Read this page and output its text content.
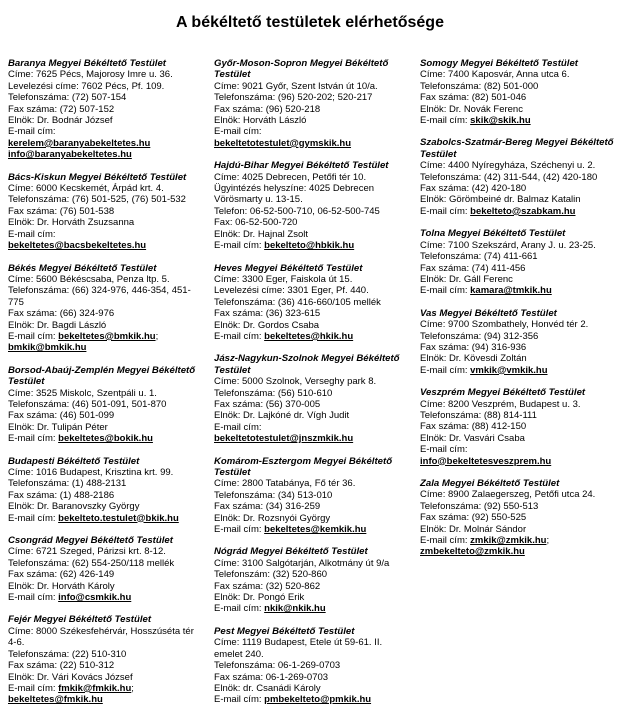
A békéltető testületek elérhetősége
Baranya Megyei Békéltető Testület
Címe: 7625 Pécs, Majorosy Imre u. 36.
Levelezési címe: 7602 Pécs, Pf. 109.
Telefonszáma: (72) 507-154
Fax száma: (72) 507-152
Elnök: Dr. Bodnár József
E-mail cím:
kerelem@baranyabekeltetes.hu info@baranyabekeltetes.hu
Bács-Kiskun Megyei Békéltető Testület
Címe: 6000 Kecskemét, Árpád krt. 4.
Telefonszáma: (76) 501-525, (76) 501-532
Fax száma: (76) 501-538
Elnök: Dr. Horváth Zsuzsanna
E-mail cím:
bekeltetes@bacsbekeltetes.hu
Békés Megyei Békéltető Testület
Címe: 5600 Békéscsaba, Penza ltp. 5.
Telefonszáma: (66) 324-976, 446-354, 451-775
Fax száma: (66) 324-976
Elnök: Dr. Bagdi László
E-mail cím: bekeltetes@bmkik.hu; bmkik@bmkik.hu
Borsod-Abaúj-Zemplén Megyei Békéltető Testület
Címe: 3525 Miskolc, Szentpáli u. 1.
Telefonszáma: (46) 501-091, 501-870
Fax száma: (46) 501-099
Elnök: Dr. Tulipán Péter
E-mail cím: bekeltetes@bokik.hu
Budapesti Békéltető Testület
Címe: 1016 Budapest, Krisztina krt. 99.
Telefonszáma: (1) 488-2131
Fax száma: (1) 488-2186
Elnök: Dr. Baranovszky György
E-mail cím: bekelteto.testulet@bkik.hu
Csongrád Megyei Békéltető Testület
Címe: 6721 Szeged, Párizsi krt. 8-12.
Telefonszáma: (62) 554-250/118 mellék
Fax száma: (62) 426-149
Elnök: Dr. Horváth Károly
E-mail cím: info@csmkik.hu
Fejér Megyei Békéltető Testület
Címe: 8000 Székesfehérvár, Hosszúséta tér 4-6.
Telefonszáma: (22) 510-310
Fax száma: (22) 510-312
Elnök: Dr. Vári Kovács József
E-mail cím: fmkik@fmkik.hu; bekeltetes@fmkik.hu
Győr-Moson-Sopron Megyei Békéltető Testület
Címe: 9021 Győr, Szent István út 10/a.
Telefonszáma: (96) 520-202; 520-217
Fax száma: (96) 520-218
Elnök: Horváth László
E-mail cím:
bekeltetotestulet@gymskik.hu
Hajdú-Bihar Megyei Békéltető Testület
Címe: 4025 Debrecen, Petőfi tér 10.
Ügyintézés helyszíne: 4025 Debrecen Vörösmarty u. 13-15.
Telefon: 06-52-500-710, 06-52-500-745
Fax: 06-52-500-720
Elnök: Dr. Hajnal Zsolt
E-mail cím: bekelteto@hbkik.hu
Heves Megyei Békéltető Testület
Címe: 3300 Eger, Faiskola út 15.
Levelezési címe: 3301 Eger, Pf. 440.
Telefonszáma: (36) 416-660/105 mellék
Fax száma: (36) 323-615
Elnök: Dr. Gordos Csaba
E-mail cím: bekeltetes@hkik.hu
Jász-Nagykun-Szolnok Megyei Békéltető Testület
Címe: 5000 Szolnok, Verseghy park 8.
Telefonszáma: (56) 510-610
Fax száma: (56) 370-005
Elnök: Dr. Lajkóné dr. Vígh Judit
E-mail cím:
bekeltetotestulet@jnszmkik.hu
Komárom-Esztergom Megyei Békéltető Testület
Címe: 2800 Tatabánya, Fő tér 36.
Telefonszáma: (34) 513-010
Fax száma: (34) 316-259
Elnök: Dr. Rozsnyói György
E-mail cím: bekeltetes@kemkik.hu
Nógrád Megyei Békéltető Testület
Címe: 3100 Salgótarján, Alkotmány út 9/a
Telefonszám: (32) 520-860
Fax száma: (32) 520-862
Elnök: Dr. Pongó Erik
E-mail cím: nkik@nkik.hu
Pest Megyei Békéltető Testület
Címe: 1119 Budapest, Etele út 59-61. II. emelet 240.
Telefonszáma: 06-1-269-0703
Fax száma: 06-1-269-0703
Elnök: dr. Csanádi Károly
E-mail cím: pmbekelteto@pmkik.hu
Somogy Megyei Békéltető Testület
Címe: 7400 Kaposvár, Anna utca 6.
Telefonszáma: (82) 501-000
Fax száma: (82) 501-046
Elnök: Dr. Novák Ferenc
E-mail cím: skik@skik.hu
Szabolcs-Szatmár-Bereg Megyei Békéltető Testület
Címe: 4400 Nyíregyháza, Széchenyi u. 2.
Telefonszáma: (42) 311-544, (42) 420-180
Fax száma: (42) 420-180
Elnök: Görömbeiné dr. Balmaz Katalin
E-mail cím: bekelteto@szabkam.hu
Tolna Megyei Békéltető Testület
Címe: 7100 Szekszárd, Arany J. u. 23-25.
Telefonszáma: (74) 411-661
Fax száma: (74) 411-456
Elnök: Dr. Gáll Ferenc
E-mail cím: kamara@tmkik.hu
Vas Megyei Békéltető Testület
Címe: 9700 Szombathely, Honvéd tér 2.
Telefonszáma: (94) 312-356
Fax száma: (94) 316-936
Elnök: Dr. Kövesdi Zoltán
E-mail cím: vmkik@vmkik.hu
Veszprém Megyei Békéltető Testület
Címe: 8200 Veszprém, Budapest u. 3.
Telefonszáma: (88) 814-111
Fax száma: (88) 412-150
Elnök: Dr. Vasvári Csaba
E-mail cím:
info@bekeltetesveszprem.hu
Zala Megyei Békéltető Testület
Címe: 8900 Zalaegerszeg, Petőfi utca 24.
Telefonszáma: (92) 550-513
Fax száma: (92) 550-525
Elnök: Dr. Molnár Sándor
E-mail cím: zmkik@zmkik.hu; zmbekelteto@zmkik.hu
